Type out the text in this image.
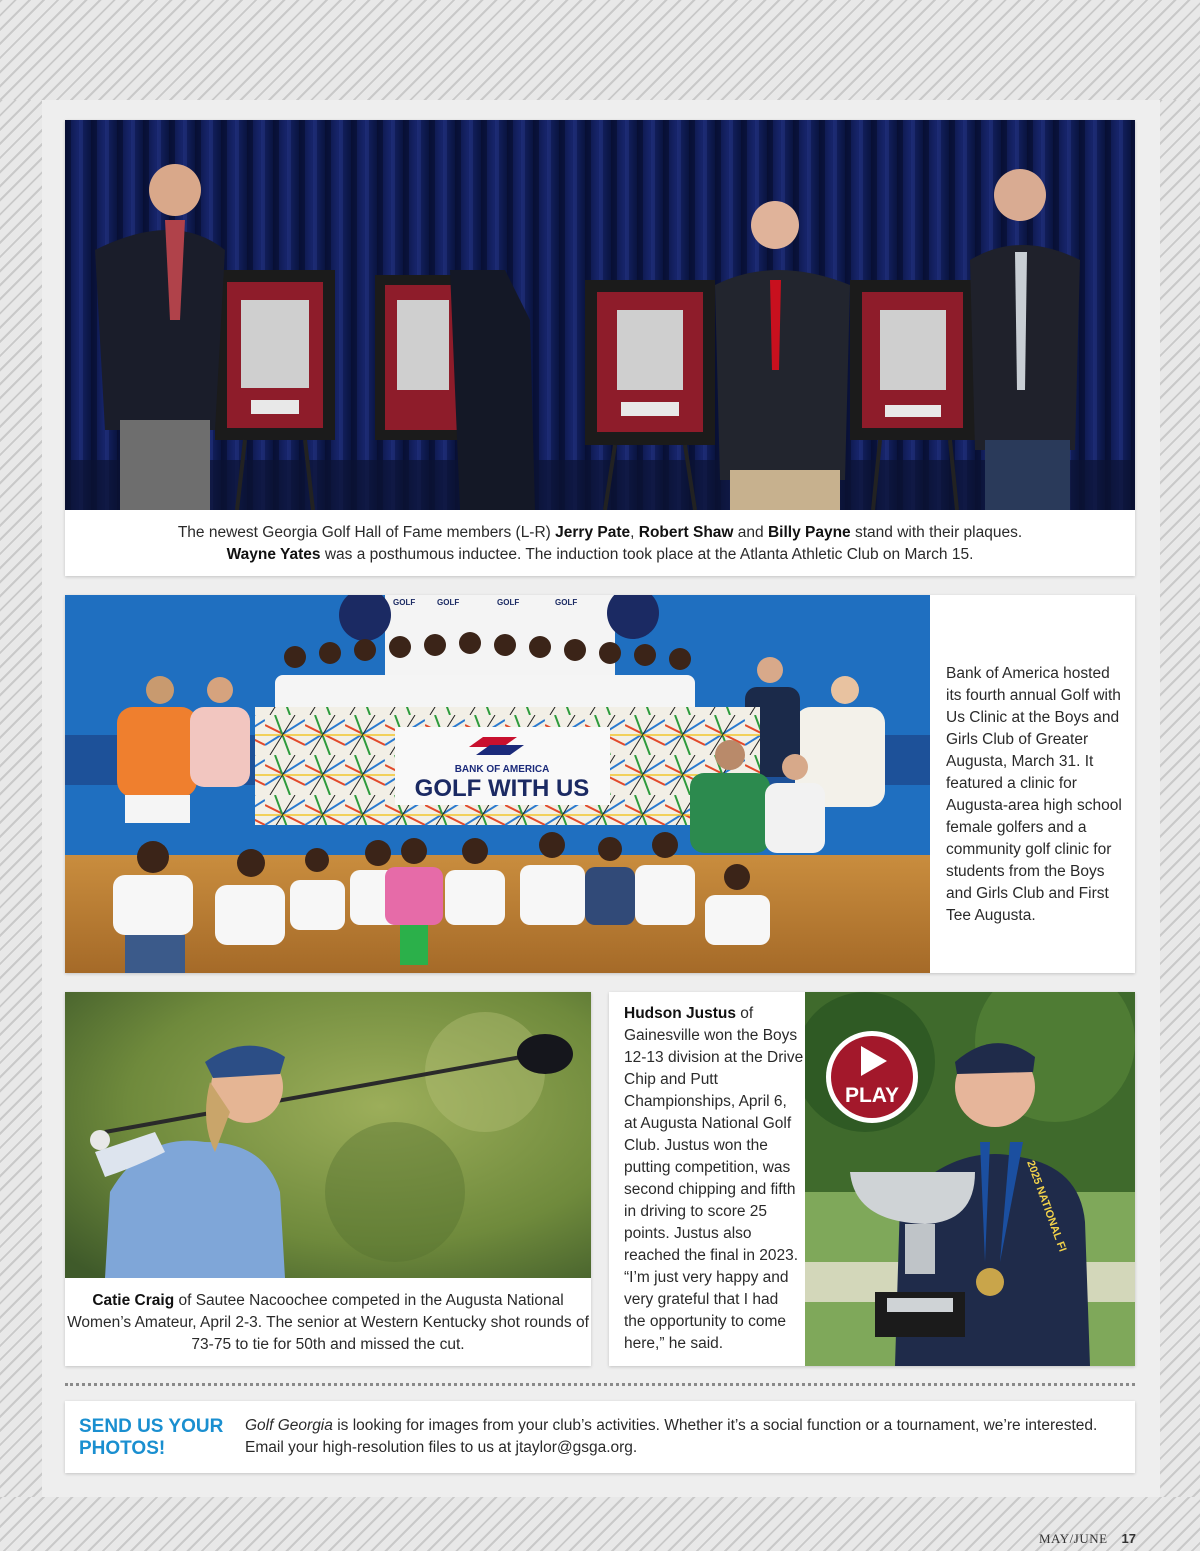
The newest Georgia Golf Hall of Fame members (L-R) Jerry Pate, Robert Shaw and Billy Payne stand with their plaques.
Wayne Yates was a posthumous inductee. The induction took place at the Atlanta Athletic Club on March 15.
GOLF	GOLF	GOLF	GOLF
BANK OF AMERICA
GOLF WITH US
Bank of America hosted its fourth annual Golf with Us Clinic at the Boys and Girls Club of Greater Augusta, March 31. It featured a clinic for Augusta-area high school female golfers and a community golf clinic for students from the Boys and Girls Club and First Tee Augusta.
Catie Craig of Sautee Nacoochee competed in the Augusta National Women’s Amateur, April 2-3. The senior at Western Kentucky shot rounds of 73-75 to tie for 50th and missed the cut.
Hudson Justus of Gainesville won the Boys 12-13 division at the Drive Chip and Putt Championships, April 6, at Augusta National Golf Club. Justus won the putting competition, was second chipping and fifth in driving to score 25 points. Justus also reached the final in 2023. “I’m just very happy and very grateful that I had the opportunity to come here,” he said.
2025 NATIONAL FI
PLAY
SEND US YOUR PHOTOS!
Golf Georgia is looking for images from your club’s activities. Whether it’s a social function or a tournament, we’re interested. Email your high-resolution files to us at jtaylor@gsga.org.
MAY/JUNE 17
